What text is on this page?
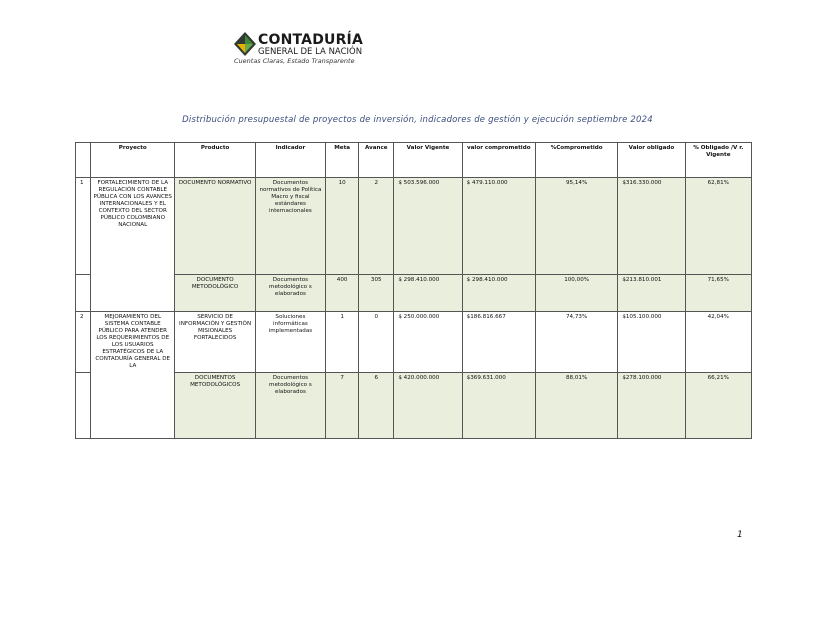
CONTADURÍA
GENERAL DE LA NACIÓN
Cuentas Claras, Estado Transparente
Distribución presupuestal de proyectos de inversión, indicadores de gestión y ejecución septiembre 2024
	Proyecto	Producto	Indicador	Meta	Avance	Valor Vigente	valor comprometido	%Comprometido	Valor obligado	% Obligado /V r. Vigente
1	FORTALECIMIENTO DE LA REGULACIÓN CONTABLE PÚBLICA CON LOS AVANCES INTERNACIONALES Y EL CONTEXTO DEL SECTOR PÚBLICO COLOMBIANO NACIONAL	DOCUMENTO NORMATIVO	Documentos normativos de Política Macro y fiscal estándares internacionales	10	2	$ 503.596.000	$ 479.110.000	95,14%	$316.330.000	62,81%
		DOCUMENTO METODOLÓGICO	Documentos metodológico s elaborados	400	305	$ 298.410.000	$ 298.410.000	100,00%	$213.810.001	71,65%
2	MEJORAMIENTO DEL SISTEMA CONTABLE PÚBLICO PARA ATENDER LOS REQUERIMIENTOS DE LOS USUARIOS ESTRATÉGICOS DE LA CONTADURÍA GENERAL DE LA	SERVICIO DE INFORMACIÓN Y GESTIÓN MISIONALES FORTALECIDOS	Soluciones informáticas implementadas	1	0	$ 250.000.000	$186.816.667	74,73%	$105.100.000	42,04%
		DOCUMENTOS METODOLÓGICOS	Documentos metodológico s elaborados	7	6	$ 420.000.000	$369.631.000	88,01%	$278.100.000	66,21%
1
